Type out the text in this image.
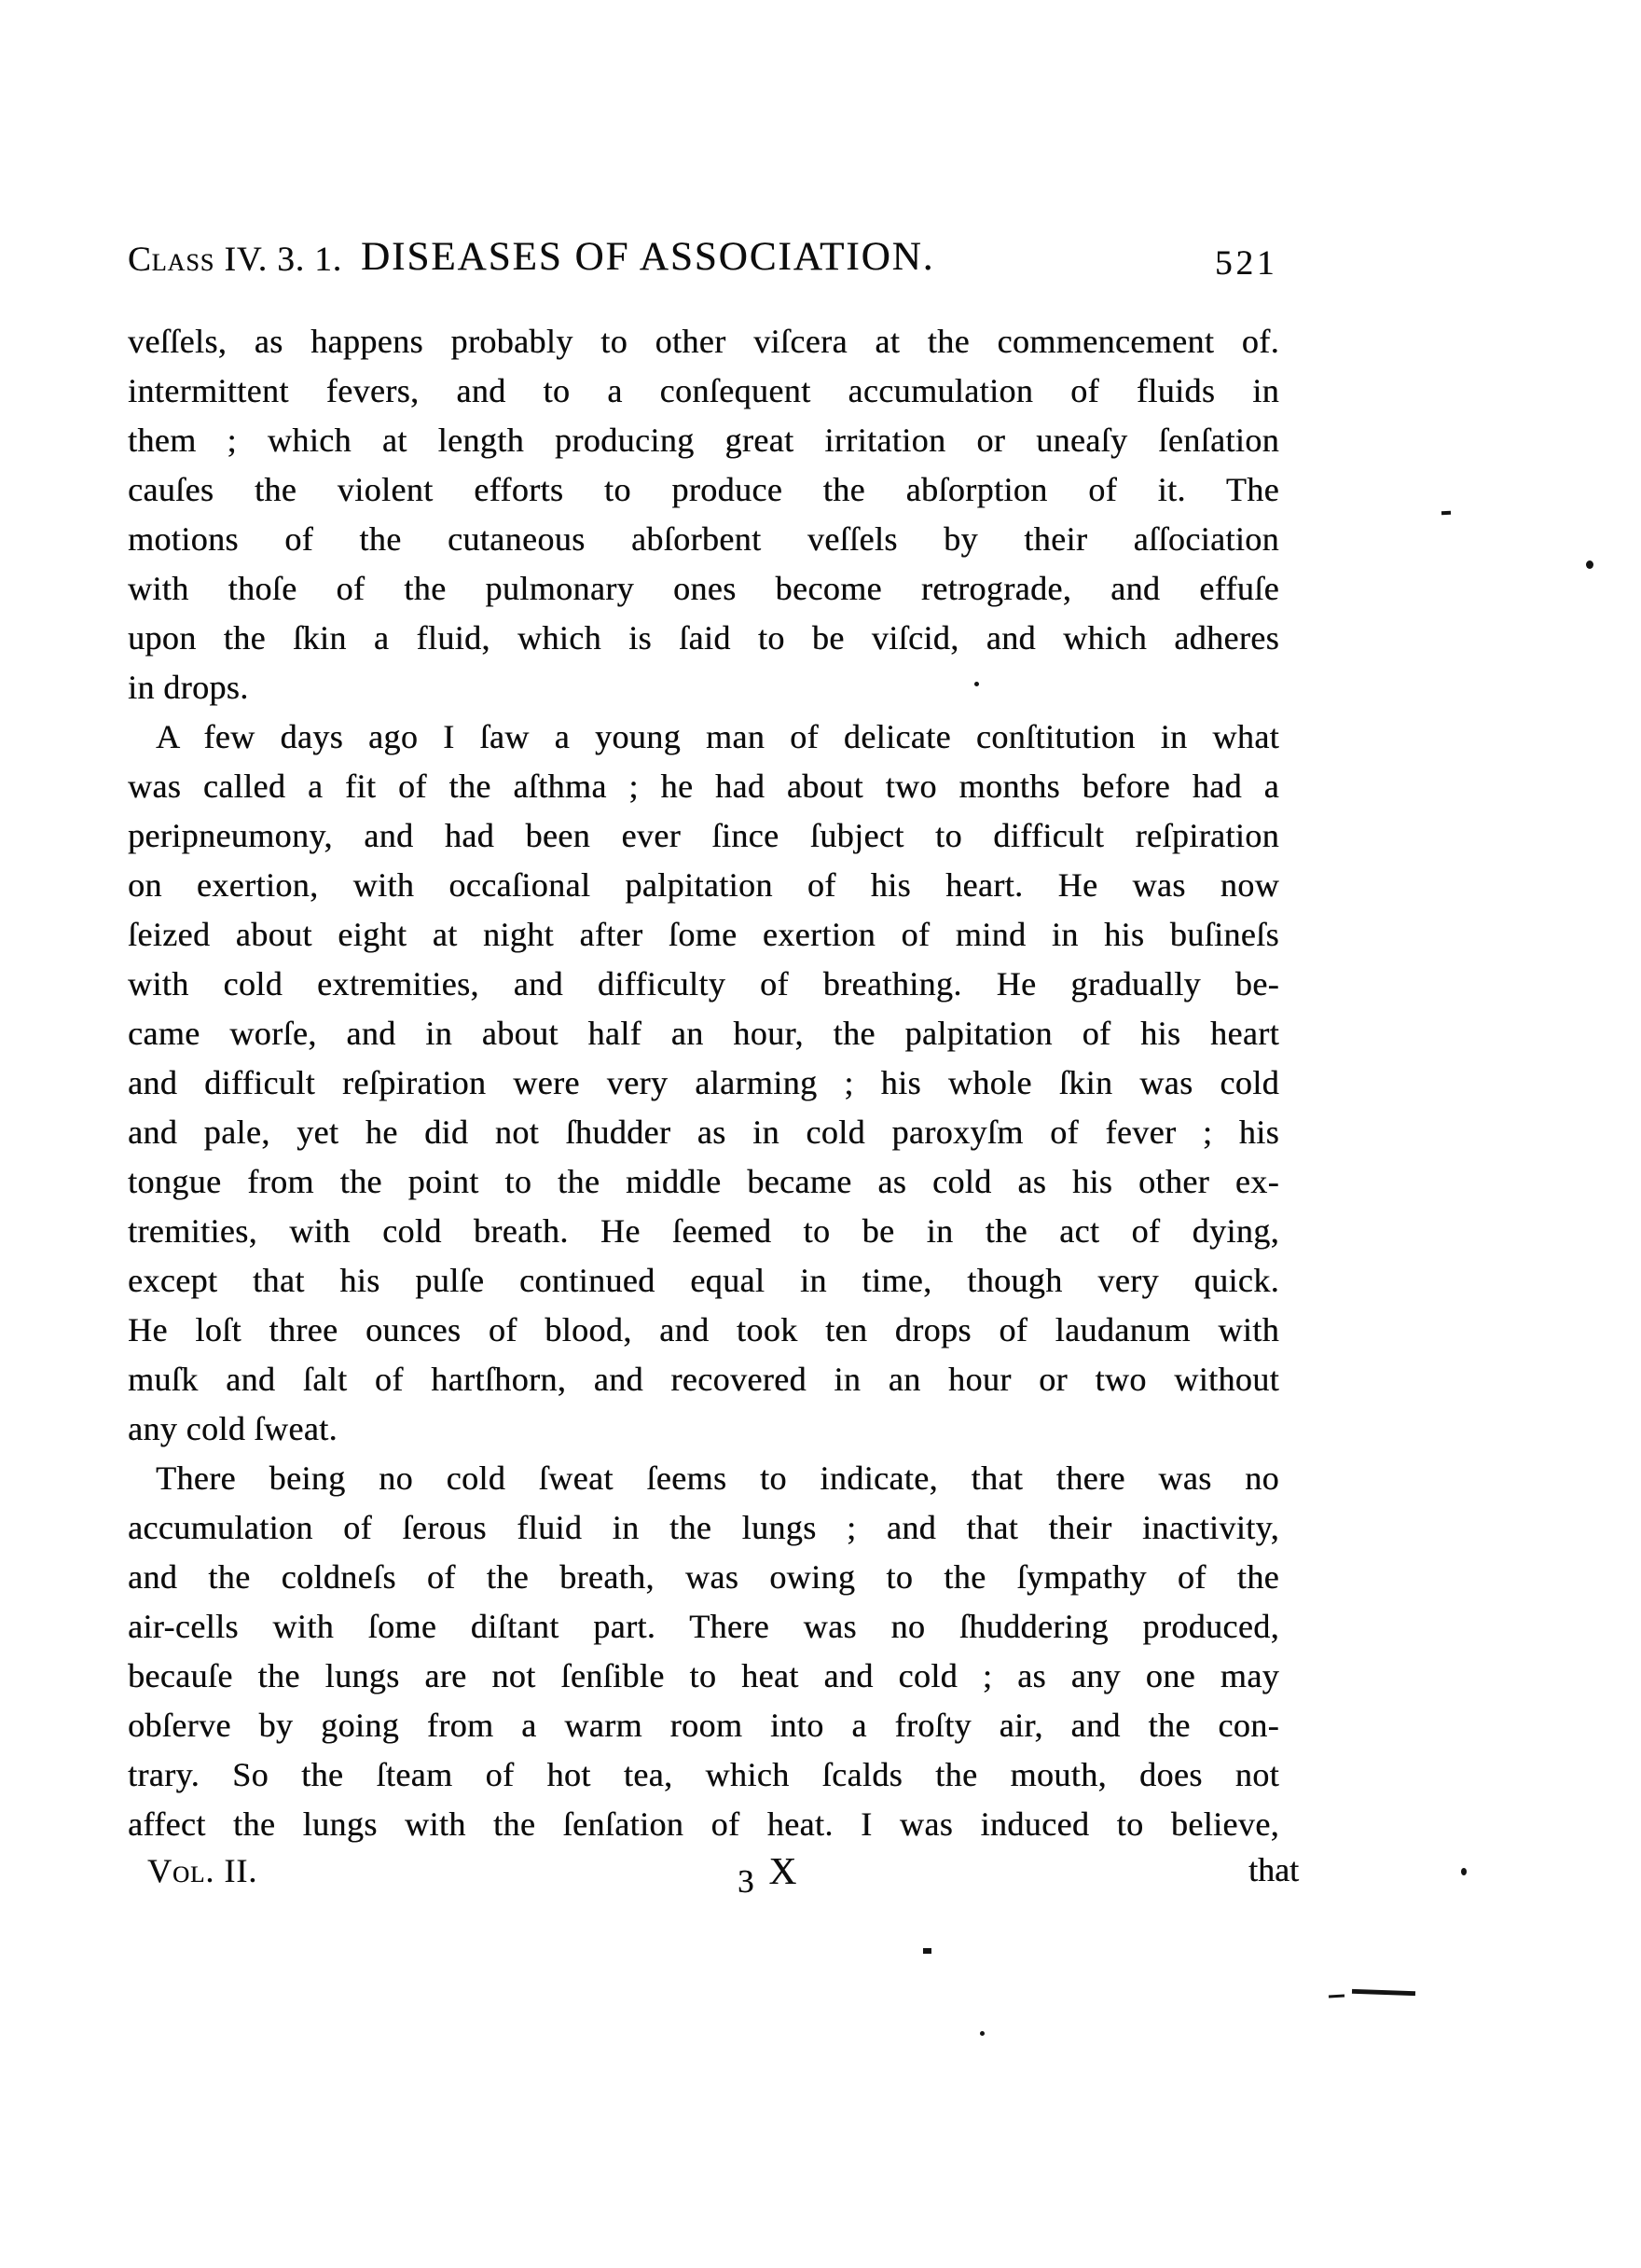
Class IV. 3. 1. DISEASES OF ASSOCIATION.	521
veſſels, as happens probably to other viſcera at the commencement of.
intermittent fevers, and to a conſequent accumulation of fluids in
them ; which at length producing great irritation or uneaſy ſenſation
cauſes the violent efforts to produce the abſorption of it. The
motions of the cutaneous abſorbent veſſels by their aſſociation
with thoſe of the pulmonary ones become retrograde, and effuſe
upon the ſkin a fluid, which is ſaid to be viſcid, and which adheres
in drops.
A few days ago I ſaw a young man of delicate conſtitution in what
was called a fit of the aſthma ; he had about two months before had a
peripneumony, and had been ever ſince ſubject to difficult reſpiration
on exertion, with occaſional palpitation of his heart. He was now
ſeized about eight at night after ſome exertion of mind in his buſineſs
with cold extremities, and difficulty of breathing. He gradually be-
came worſe, and in about half an hour, the palpitation of his heart
and difficult reſpiration were very alarming ; his whole ſkin was cold
and pale, yet he did not ſhudder as in cold paroxyſm of fever ; his
tongue from the point to the middle became as cold as his other ex-
tremities, with cold breath. He ſeemed to be in the act of dying,
except that his pulſe continued equal in time, though very quick.
He loſt three ounces of blood, and took ten drops of laudanum with
muſk and ſalt of hartſhorn, and recovered in an hour or two without
any cold ſweat.
There being no cold ſweat ſeems to indicate, that there was no
accumulation of ſerous fluid in the lungs ; and that their inactivity,
and the coldneſs of the breath, was owing to the ſympathy of the
air-cells with ſome diſtant part. There was no ſhuddering produced,
becauſe the lungs are not ſenſible to heat and cold ; as any one may
obſerve by going from a warm room into a froſty air, and the con-
trary. So the ſteam of hot tea, which ſcalds the mouth, does not
affect the lungs with the ſenſation of heat. I was induced to believe,
Vol. II.	3 X	that
